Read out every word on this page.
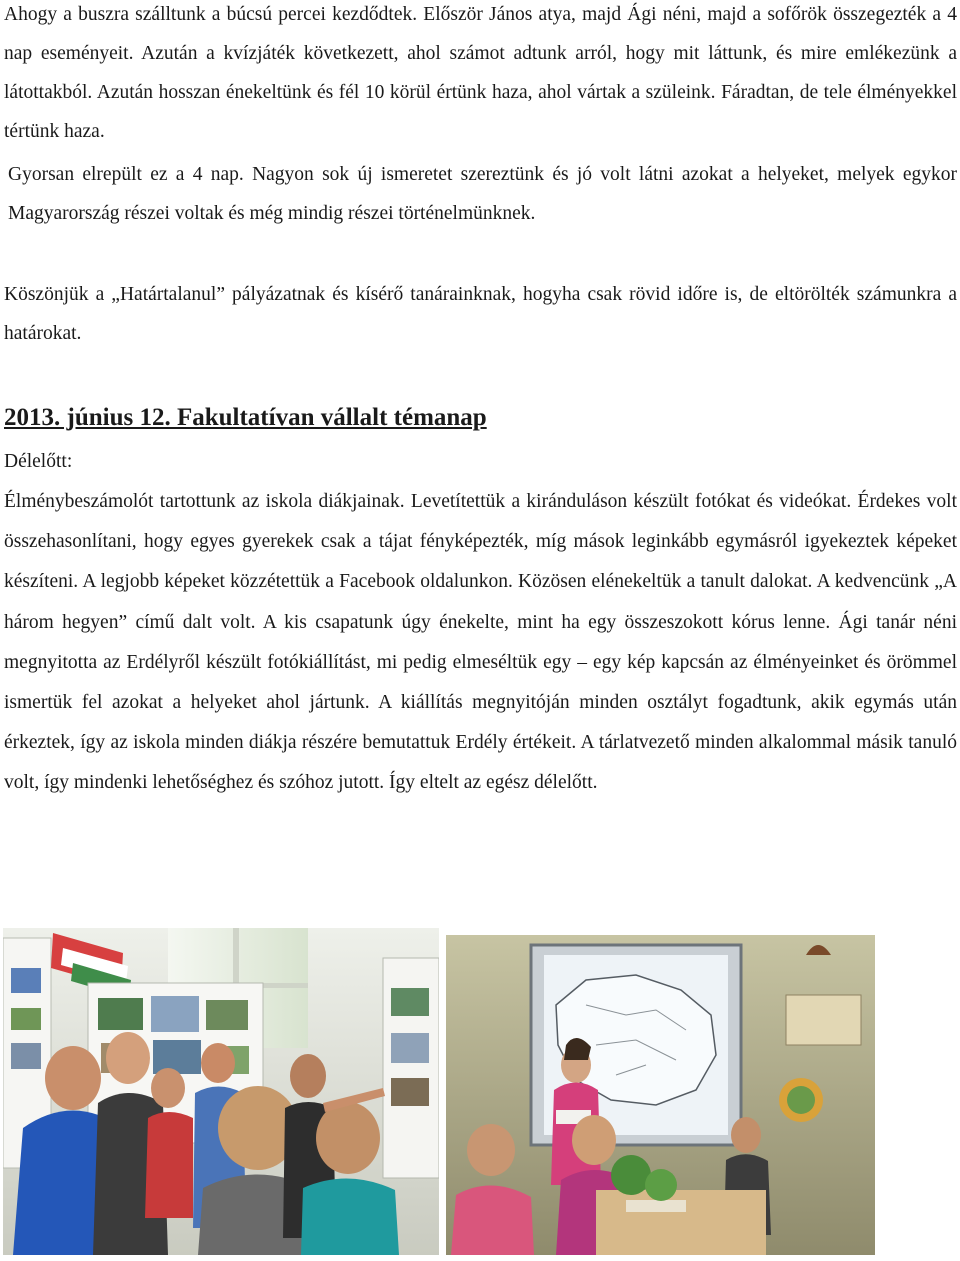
Ahogy a buszra szálltunk a búcsú percei kezdődtek. Először János atya, majd Ági néni, majd a sofőrök összegezték a 4 nap eseményeit. Azután a kvízjáték következett, ahol számot adtunk arról, hogy mit láttunk, és mire emlékezünk a látottakból. Azután hosszan énekeltünk és fél 10 körül értünk haza, ahol vártak a szüleink. Fáradtan, de tele élményekkel tértünk haza.

Gyorsan elrepült ez a 4 nap. Nagyon sok új ismeretet szereztünk és jó volt látni azokat a helyeket, melyek egykor Magyarország részei voltak és még mindig részei történelmünknek.

Köszönjük a „Határtalanul” pályázatnak és kísérő tanárainknak, hogyha csak rövid időre is, de eltörölték számunkra a határokat.

2013. június 12. Fakultatívan vállalt témanap

Délelőtt:

Élménybeszámolót tartottunk az iskola diákjainak. Levetítettük a kiránduláson készült fotókat és videókat. Érdekes volt összehasonlítani, hogy egyes gyerekek csak a tájat fényképezték, míg mások leginkább egymásról igyekeztek képeket készíteni. A legjobb képeket közzétettük a Facebook oldalunkon. Közösen elénekeltük a tanult dalokat. A kedvencünk „A három hegyen” című dalt volt. A kis csapatunk úgy énekelte, mint ha egy összeszokott kórus lenne. Ági tanár néni megnyitotta az Erdélyről készült fotókiállítást, mi pedig elmeséltük egy – egy kép kapcsán az élményeinket és örömmel ismertük fel azokat a helyeket ahol jártunk. A kiállítás megnyitóján minden osztályt fogadtunk, akik egymás után érkeztek, így az iskola minden diákja részére bemutattuk Erdély értékeit. A tárlatvezető minden alkalommal másik tanuló volt, így mindenki lehetőséghez és szóhoz jutott. Így eltelt az egész délelőtt.
